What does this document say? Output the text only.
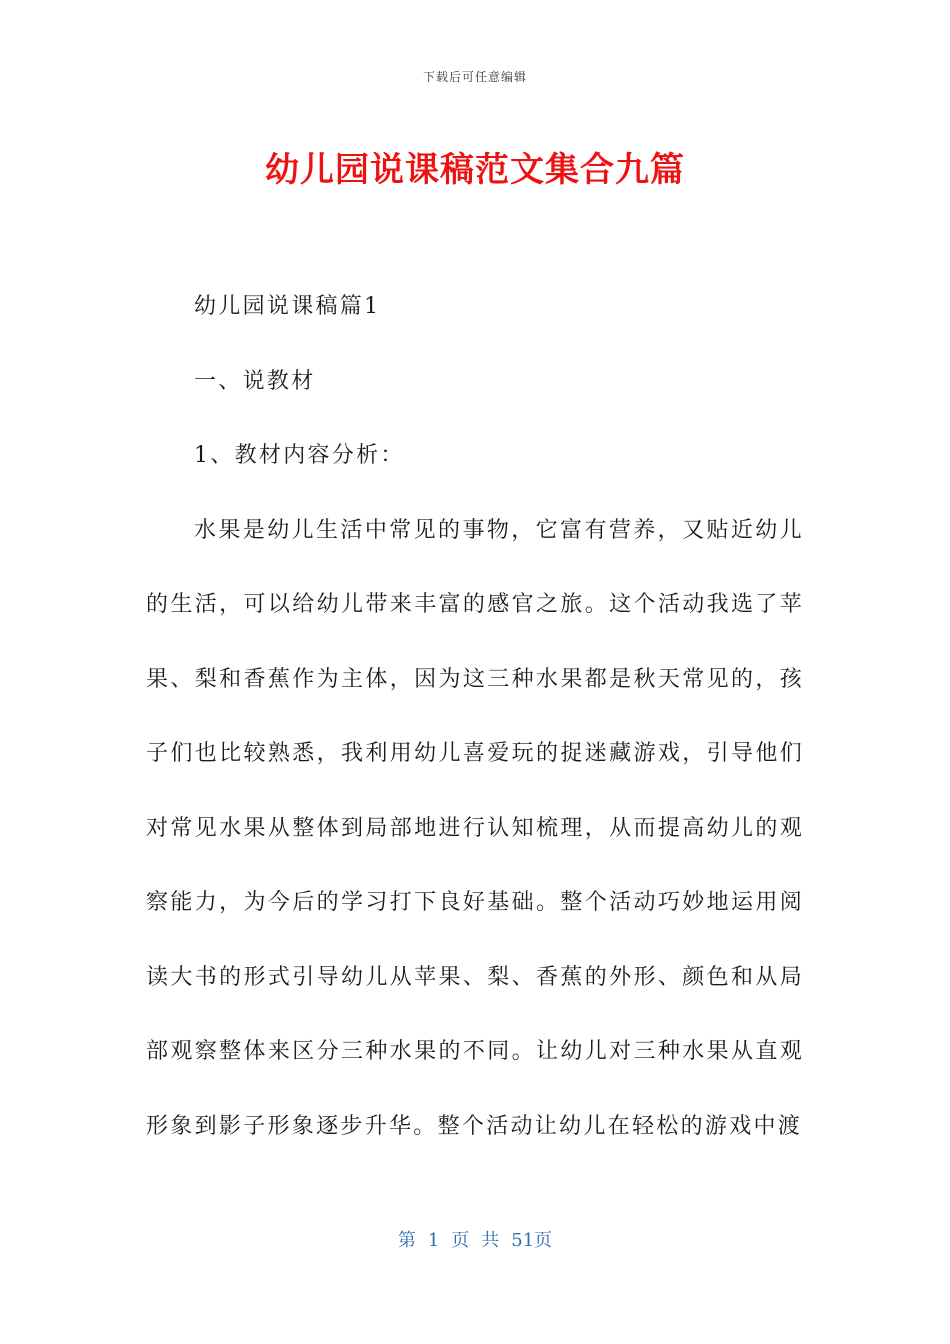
下载后可任意编辑
幼儿园说课稿范文集合九篇

幼儿园说课稿篇1

一、说教材

1、教材内容分析：

水果是幼儿生活中常见的事物，它富有营养，又贴近幼儿的生活，可以给幼儿带来丰富的感官之旅。这个活动我选了苹果、梨和香蕉作为主体，因为这三种水果都是秋天常见的，孩子们也比较熟悉，我利用幼儿喜爱玩的捉迷藏游戏，引导他们对常见水果从整体到局部地进行认知梳理，从而提高幼儿的观察能力，为今后的学习打下良好基础。整个活动巧妙地运用阅读大书的形式引导幼儿从苹果、梨、香蕉的外形、颜色和从局部观察整体来区分三种水果的不同。让幼儿对三种水果从直观形象到影子形象逐步升华。整个活动让幼儿在轻松的游戏中渡

第 1 页 共 51页
